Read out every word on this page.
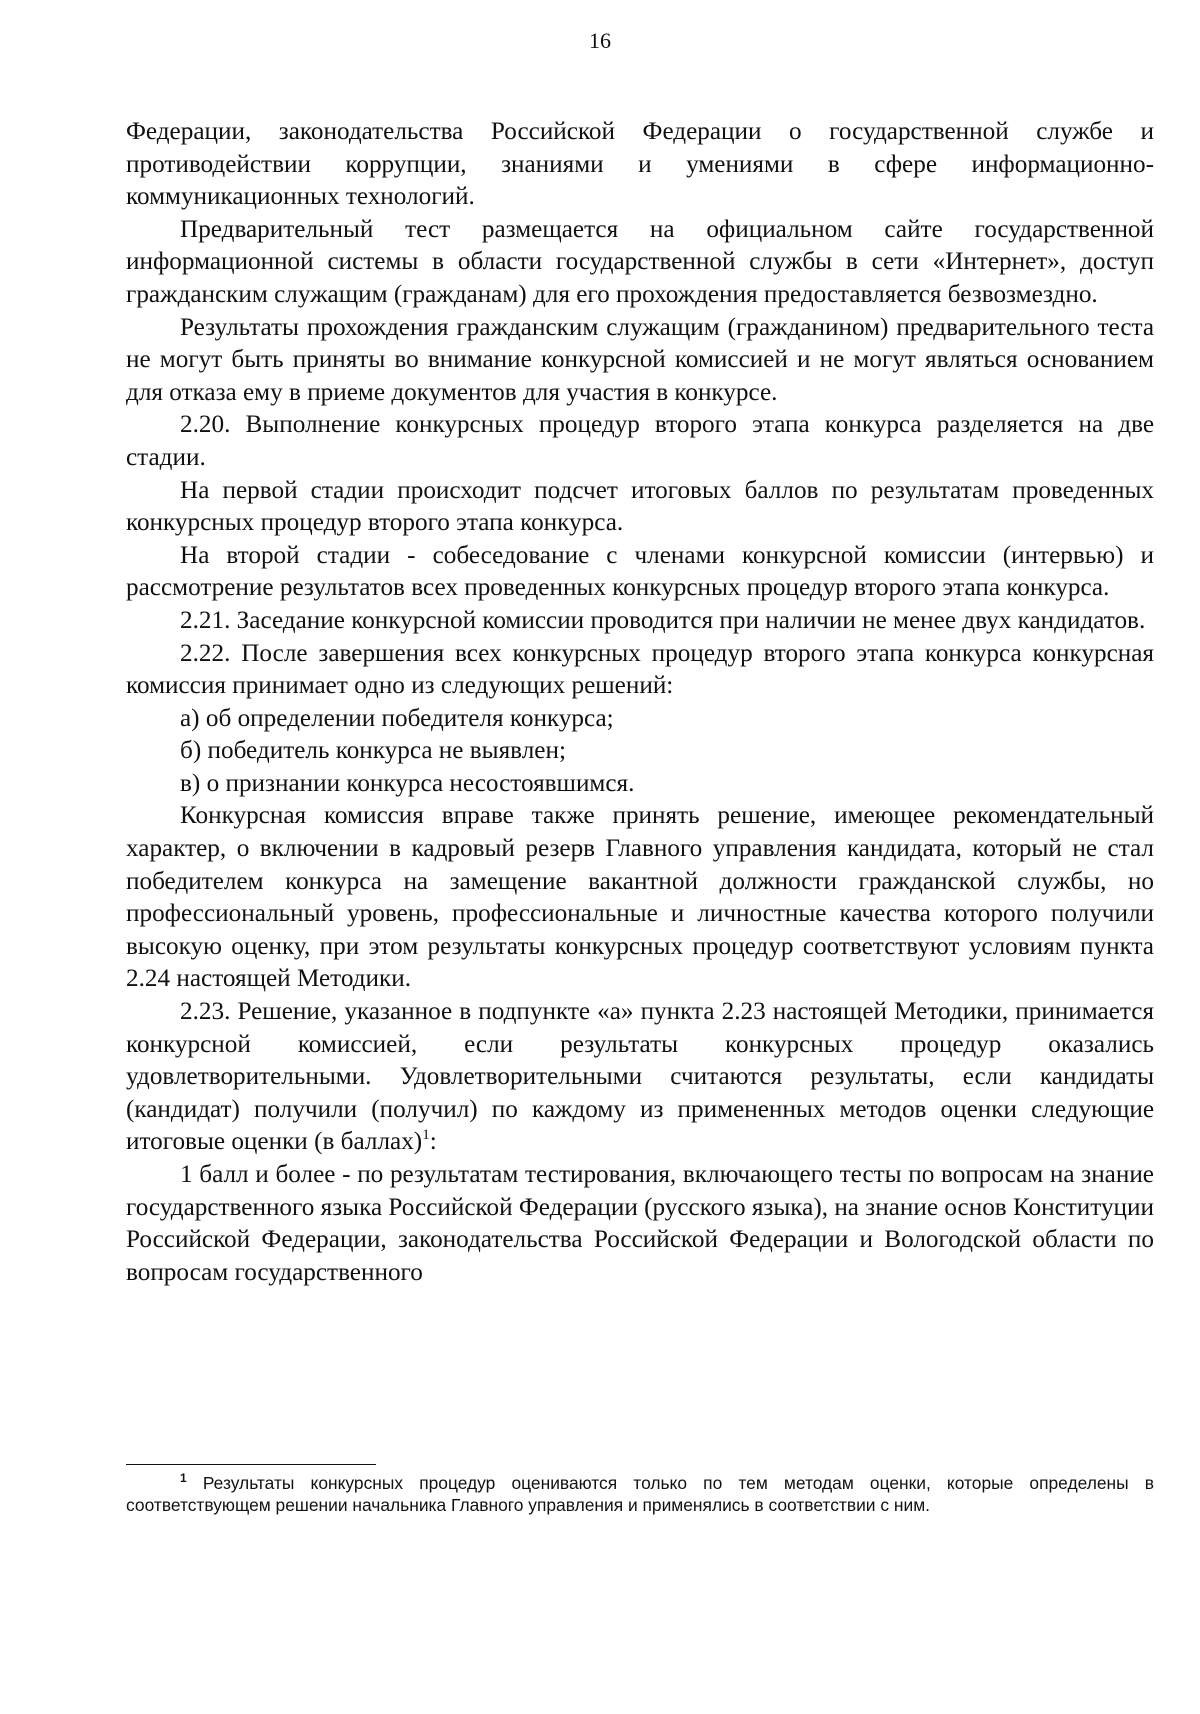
16

Федерации, законодательства Российской Федерации о государственной службе и противодействии коррупции, знаниями и умениями в сфере информационно-коммуникационных технологий.

Предварительный тест размещается на официальном сайте государственной информационной системы в области государственной службы в сети «Интернет», доступ гражданским служащим (гражданам) для его прохождения предоставляется безвозмездно.

Результаты прохождения гражданским служащим (гражданином) предварительного теста не могут быть приняты во внимание конкурсной комиссией и не могут являться основанием для отказа ему в приеме документов для участия в конкурсе.

2.20. Выполнение конкурсных процедур второго этапа конкурса разделяется на две стадии.

На первой стадии происходит подсчет итоговых баллов по результатам проведенных конкурсных процедур второго этапа конкурса.

На второй стадии - собеседование с членами конкурсной комиссии (интервью) и рассмотрение результатов всех проведенных конкурсных процедур второго этапа конкурса.

2.21. Заседание конкурсной комиссии проводится при наличии не менее двух кандидатов.

2.22. После завершения всех конкурсных процедур второго этапа конкурса конкурсная комиссия принимает одно из следующих решений:

а) об определении победителя конкурса;

б) победитель конкурса не выявлен;

в) о признании конкурса несостоявшимся.

Конкурсная комиссия вправе также принять решение, имеющее рекомендательный характер, о включении в кадровый резерв Главного управления кандидата, который не стал победителем конкурса на замещение вакантной должности гражданской службы, но профессиональный уровень, профессиональные и личностные качества которого получили высокую оценку, при этом результаты конкурсных процедур соответствуют условиям пункта 2.24 настоящей Методики.

2.23. Решение, указанное в подпункте «а» пункта 2.23 настоящей Методики, принимается конкурсной комиссией, если результаты конкурсных процедур оказались удовлетворительными. Удовлетворительными считаются результаты, если кандидаты (кандидат) получили (получил) по каждому из примененных методов оценки следующие итоговые оценки (в баллах)$^1$:

1 балл и более - по результатам тестирования, включающего тесты по вопросам на знание государственного языка Российской Федерации (русского языка), на знание основ Конституции Российской Федерации, законодательства Российской Федерации и Вологодской области по вопросам государственного

$^1$ Результаты конкурсных процедур оцениваются только по тем методам оценки, которые определены в соответствующем решении начальника Главного управления и применялись в соответствии с ним.
